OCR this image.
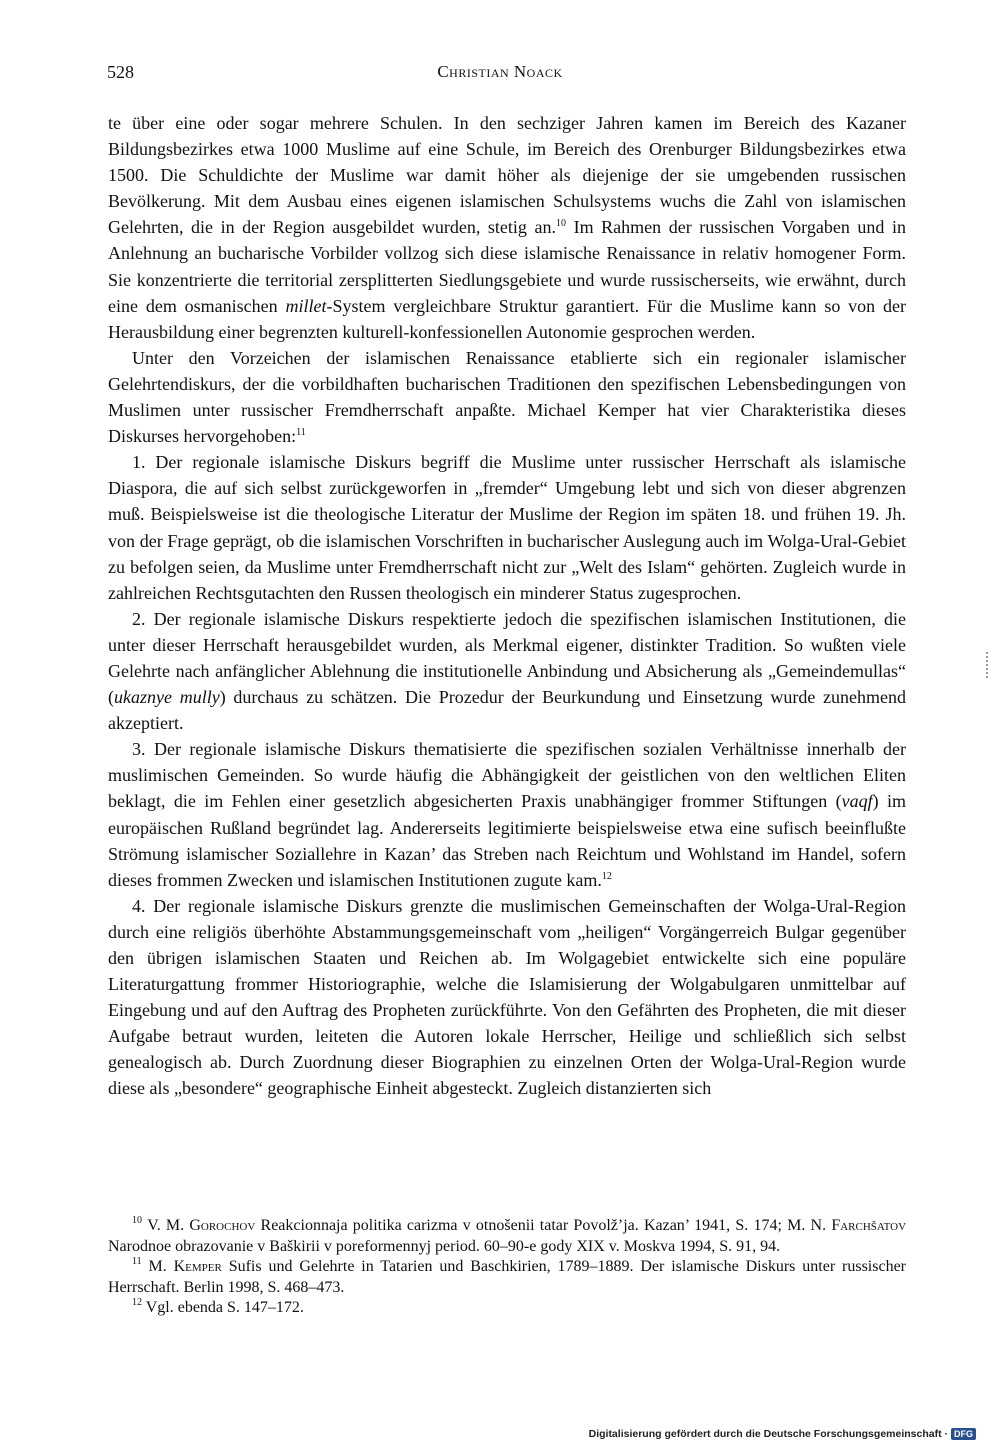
528	Christian Noack

te über eine oder sogar mehrere Schulen. In den sechziger Jahren kamen im Bereich des Kazaner Bildungsbezirkes etwa 1000 Muslime auf eine Schule, im Bereich des Orenburger Bildungsbezirkes etwa 1500. Die Schuldichte der Muslime war damit höher als diejenige der sie umgebenden russischen Bevölkerung. Mit dem Ausbau eines eigenen islamischen Schulsystems wuchs die Zahl von islamischen Gelehrten, die in der Region ausgebildet wurden, stetig an.$^{10}$ Im Rahmen der russischen Vorgaben und in Anlehnung an bucharische Vorbilder vollzog sich diese islamische Renaissance in relativ homogener Form. Sie konzentrierte die territorial zersplitterten Siedlungsgebiete und wurde russischerseits, wie erwähnt, durch eine dem osmanischen millet-System vergleichbare Struktur garantiert. Für die Muslime kann so von der Herausbildung einer begrenzten kulturell-konfessionellen Autonomie gesprochen werden.

Unter den Vorzeichen der islamischen Renaissance etablierte sich ein regionaler islamischer Gelehrtendiskurs, der die vorbildhaften bucharischen Traditionen den spezifischen Lebensbedingungen von Muslimen unter russischer Fremdherrschaft anpaßte. Michael Kemper hat vier Charakteristika dieses Diskurses hervorgehoben:$^{11}$

1. Der regionale islamische Diskurs begriff die Muslime unter russischer Herrschaft als islamische Diaspora, die auf sich selbst zurückgeworfen in „fremder“ Umgebung lebt und sich von dieser abgrenzen muß. Beispielsweise ist die theologische Literatur der Muslime der Region im späten 18. und frühen 19. Jh. von der Frage geprägt, ob die islamischen Vorschriften in bucharischer Auslegung auch im Wolga-Ural-Gebiet zu befolgen seien, da Muslime unter Fremdherrschaft nicht zur „Welt des Islam“ gehörten. Zugleich wurde in zahlreichen Rechtsgutachten den Russen theologisch ein minderer Status zugesprochen.

2. Der regionale islamische Diskurs respektierte jedoch die spezifischen islamischen Institutionen, die unter dieser Herrschaft herausgebildet wurden, als Merkmal eigener, distinkter Tradition. So wußten viele Gelehrte nach anfänglicher Ablehnung die institutionelle Anbindung und Absicherung als „Gemeindemullas“ (ukaznye mully) durchaus zu schätzen. Die Prozedur der Beurkundung und Einsetzung wurde zunehmend akzeptiert.

3. Der regionale islamische Diskurs thematisierte die spezifischen sozialen Verhältnisse innerhalb der muslimischen Gemeinden. So wurde häufig die Abhängigkeit der geistlichen von den weltlichen Eliten beklagt, die im Fehlen einer gesetzlich abgesicherten Praxis unabhängiger frommer Stiftungen (vaqf) im europäischen Rußland begründet lag. Andererseits legitimierte beispielsweise etwa eine sufisch beeinflußte Strömung islamischer Soziallehre in Kazan’ das Streben nach Reichtum und Wohlstand im Handel, sofern dieses frommen Zwecken und islamischen Institutionen zugute kam.$^{12}$

4. Der regionale islamische Diskurs grenzte die muslimischen Gemeinschaften der Wolga-Ural-Region durch eine religiös überhöhte Abstammungsgemeinschaft vom „heiligen“ Vorgängerreich Bulgar gegenüber den übrigen islamischen Staaten und Reichen ab. Im Wolgagebiet entwickelte sich eine populäre Literaturgattung frommer Historiographie, welche die Islamisierung der Wolgabulgaren unmittelbar auf Eingebung und auf den Auftrag des Propheten zurückführte. Von den Gefährten des Propheten, die mit dieser Aufgabe betraut wurden, leiteten die Autoren lokale Herrscher, Heilige und schließlich sich selbst genealogisch ab. Durch Zuordnung dieser Biographien zu einzelnen Orten der Wolga-Ural-Region wurde diese als „besondere“ geographische Einheit abgesteckt. Zugleich distanzierten sich

$^{10}$ V. M. Gorochov Reakcionnaja politika carizma v otnošenii tatar Povolž’ja. Kazan’ 1941, S. 174; M. N. Farchšatov Narodnoe obrazovanie v Baškirii v poreformennyj period. 60–90-e gody XIX v. Moskva 1994, S. 91, 94.

$^{11}$ M. Kemper Sufis und Gelehrte in Tatarien und Baschkirien, 1789–1889. Der islamische Diskurs unter russischer Herrschaft. Berlin 1998, S. 468–473.

$^{12}$ Vgl. ebenda S. 147–172.

Digitalisierung gefördert durch die Deutsche Forschungsgemeinschaft · DFG
